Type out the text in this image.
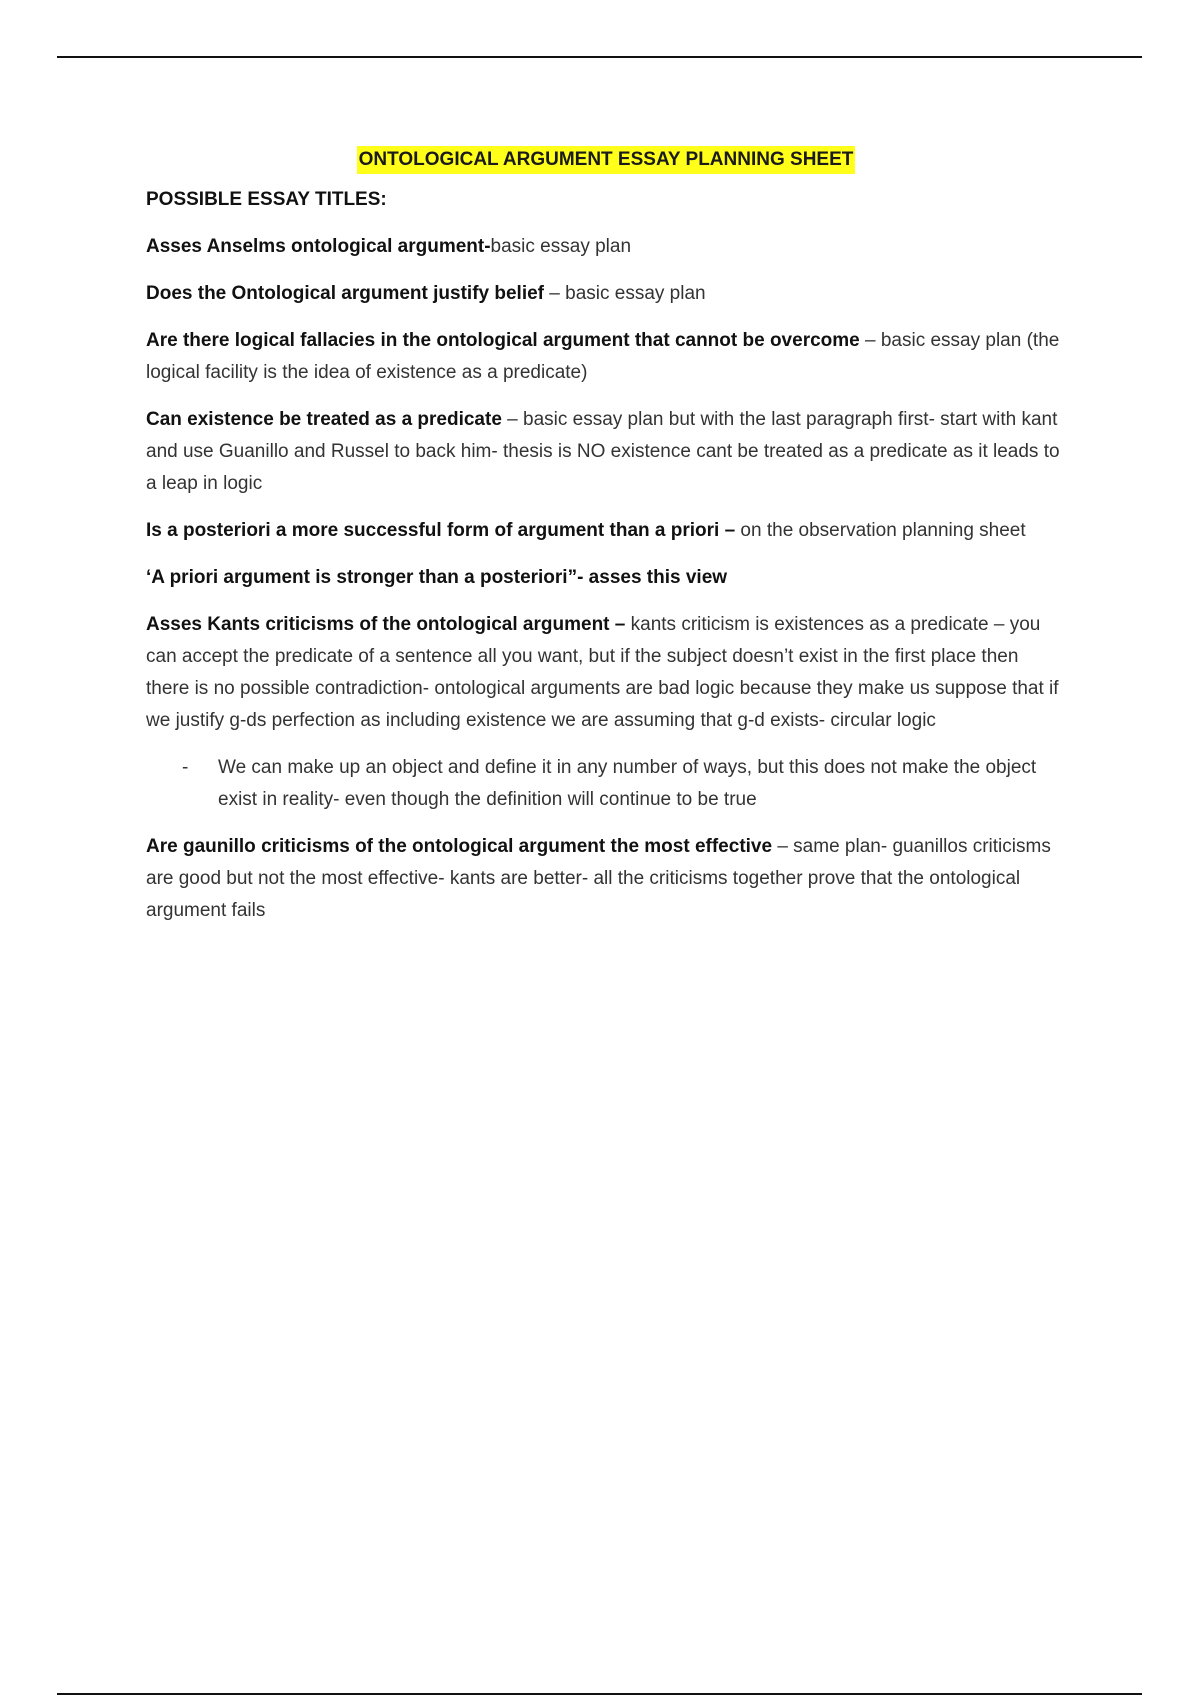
ONTOLOGICAL ARGUMENT ESSAY PLANNING SHEET

POSSIBLE ESSAY TITLES:

Asses Anselms ontological argument-basic essay plan

Does the Ontological argument justify belief – basic essay plan

Are there logical fallacies in the ontological argument that cannot be overcome – basic essay plan (the logical facility is the idea of existence as a predicate)

Can existence be treated as a predicate – basic essay plan but with the last paragraph first- start with kant and use Guanillo and Russel to back him- thesis is NO existence cant be treated as a predicate as it leads to a leap in logic

Is a posteriori a more successful form of argument than a priori – on the observation planning sheet

‘A priori argument is stronger than a posteriori”- asses this view

Asses Kants criticisms of the ontological argument – kants criticism is existences as a predicate – you can accept the predicate of a sentence all you want, but if the subject doesn’t exist in the first place then there is no possible contradiction- ontological arguments are bad logic because they make us suppose that if we justify g-ds perfection as including existence we are assuming that g-d exists- circular logic

- We can make up an object and define it in any number of ways, but this does not make the object exist in reality- even though the definition will continue to be true

Are gaunillo criticisms of the ontological argument the most effective – same plan- guanillos criticisms are good but not the most effective- kants are better- all the criticisms together prove that the ontological argument fails
